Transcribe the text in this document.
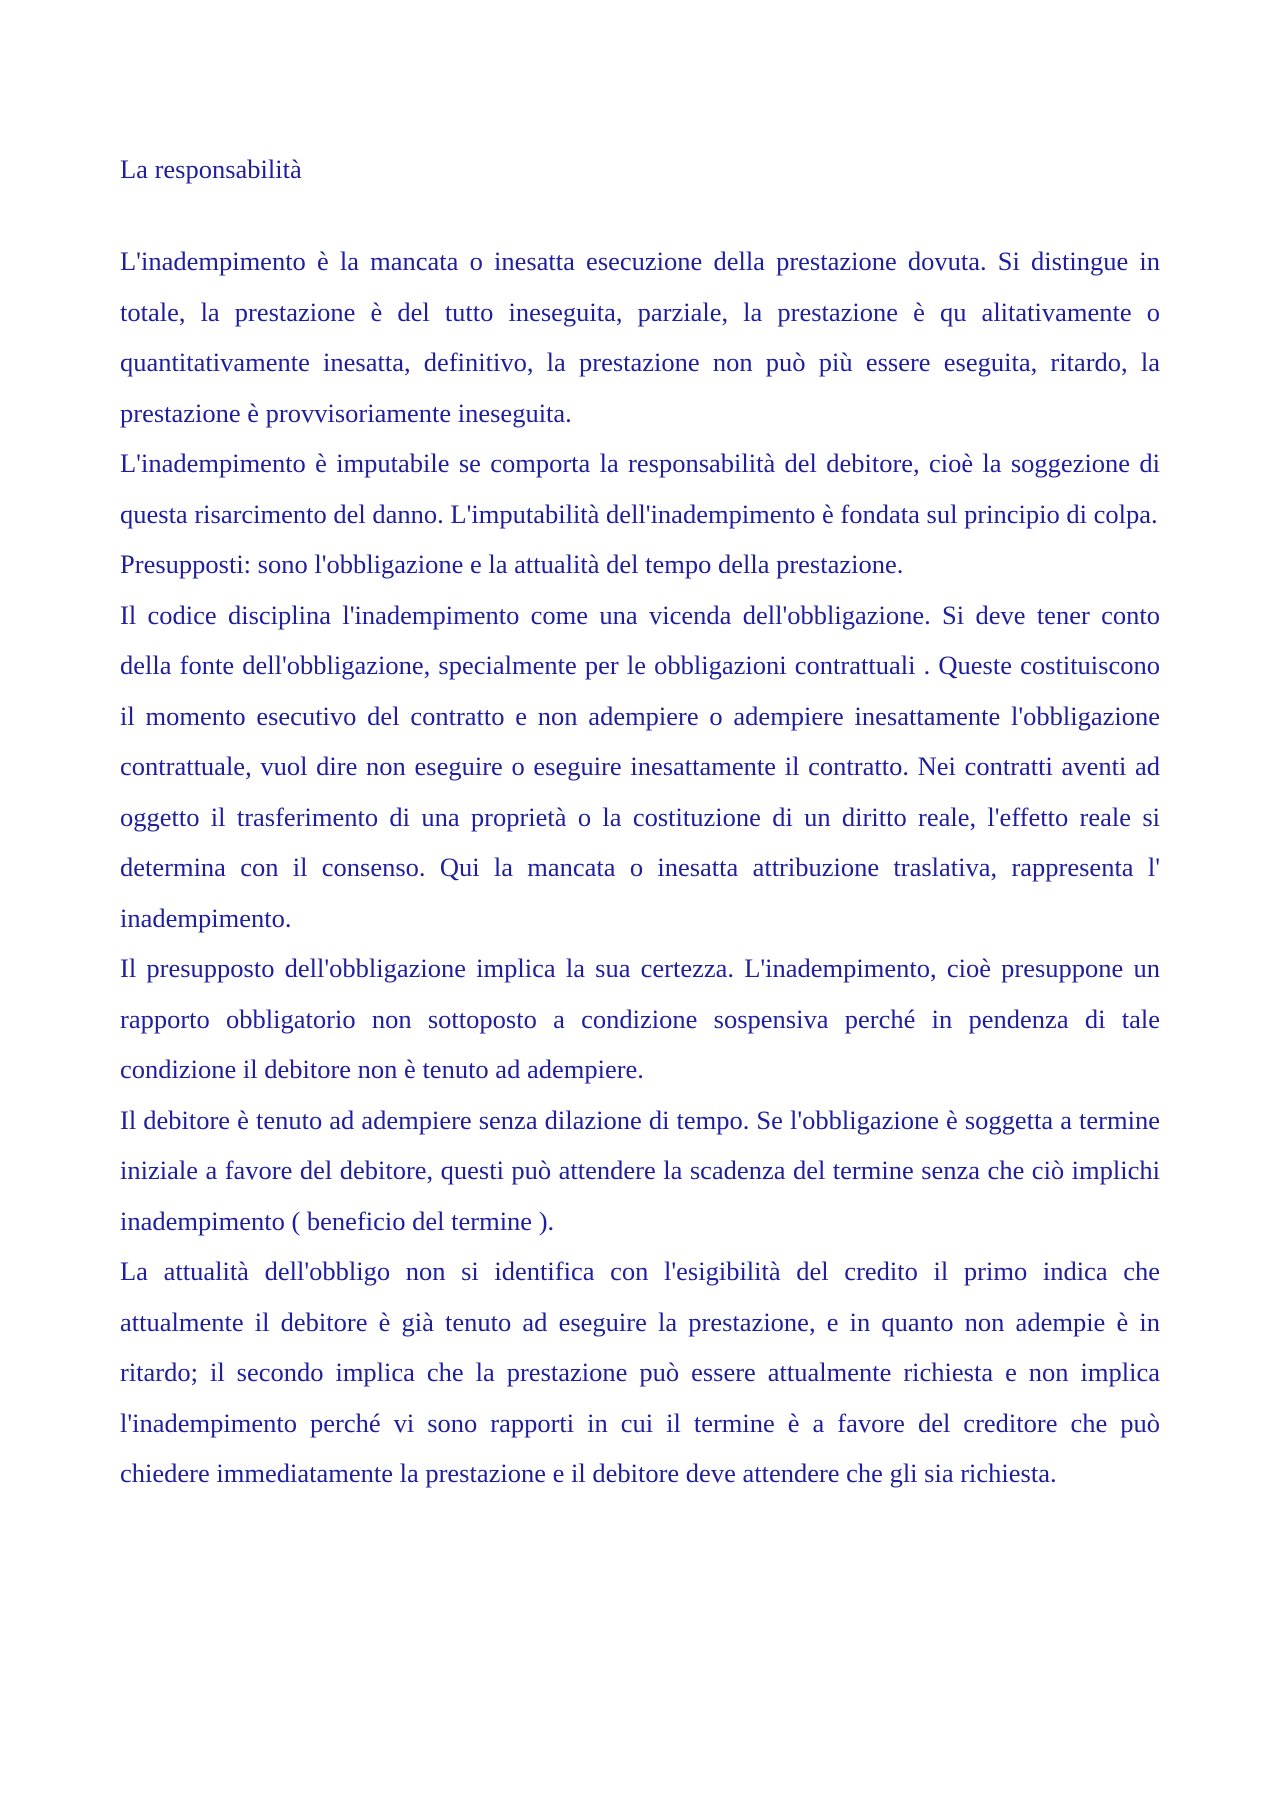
La responsabilità

L'inadempimento è la mancata o inesatta esecuzione della prestazione dovuta. Si distingue in totale, la prestazione è del tutto ineseguita, parziale, la prestazione è qu alitativamente o quantitativamente inesatta, definitivo, la prestazione non può più essere eseguita, ritardo, la prestazione è provvisoriamente ineseguita.

L'inadempimento è imputabile se comporta la responsabilità del debitore, cioè la soggezione di questa risarcimento del danno. L'imputabilità dell'inadempimento è fondata sul principio di colpa.

Presupposti: sono l'obbligazione e la attualità del tempo della prestazione.

Il codice disciplina l'inadempimento come una vicenda dell'obbligazione. Si deve tener conto della fonte dell'obbligazione, specialmente per le obbligazioni contrattuali . Queste costituiscono il momento esecutivo del contratto e non adempiere o adempiere inesattamente l'obbligazione contrattuale, vuol dire non eseguire o eseguire inesattamente il contratto. Nei contratti aventi ad oggetto il trasferimento di una proprietà o la costituzione di un diritto reale, l'effetto reale si determina con il consenso. Qui la mancata o inesatta attribuzione traslativa, rappresenta l' inadempimento.

Il presupposto dell'obbligazione implica la sua certezza. L'inadempimento, cioè presuppone un rapporto obbligatorio non sottoposto a condizione sospensiva perché in pendenza di tale condizione il debitore non è tenuto ad adempiere.

Il debitore è tenuto ad adempiere senza dilazione di tempo. Se l'obbligazione è soggetta a termine iniziale a favore del debitore, questi può attendere la scadenza del termine senza che ciò implichi inadempimento ( beneficio del termine ).

La attualità dell'obbligo non si identifica con l'esigibilità del credito il primo indica che attualmente il debitore è già tenuto ad eseguire la prestazione, e in quanto non adempie è in ritardo; il secondo implica che la prestazione può essere attualmente richiesta e non implica l'inadempimento perché vi sono rapporti in cui il termine è a favore del creditore che può chiedere immediatamente la prestazione e il debitore deve attendere che gli sia richiesta.
